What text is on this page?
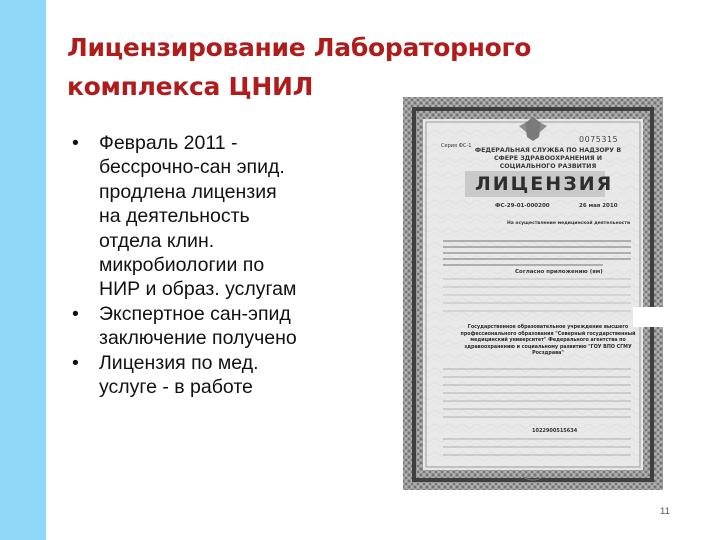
Лицензирование Лабораторного
комплекса ЦНИЛ
• Февраль 2011 -
бессрочно-сан эпид.
продлена лицензия
на деятельность
отдела клин.
микробиологии по
НИР и образ. услугам
• Экспертное сан-эпид
заключение получено
• Лицензия по мед.
услуге - в работе
Серия ФС-1
0075315
ФЕДЕРАЛЬНАЯ СЛУЖБА ПО НАДЗОРУ В СФЕРЕ ЗДРАВООХРАНЕНИЯ И СОЦИАЛЬНОГО РАЗВИТИЯ
ЛИЦЕНЗИЯ
ФС-29-01-000200	26 мая 2010
На осуществление медицинской деятельности
Согласно приложению (ям)
Государственное образовательное учреждение высшего профессионального образования "Северный государственный медицинский университет" Федерального агентства по здравоохранению и социальному развитию "ГОУ ВПО СГМУ Росздрава"
1022900515634
11
